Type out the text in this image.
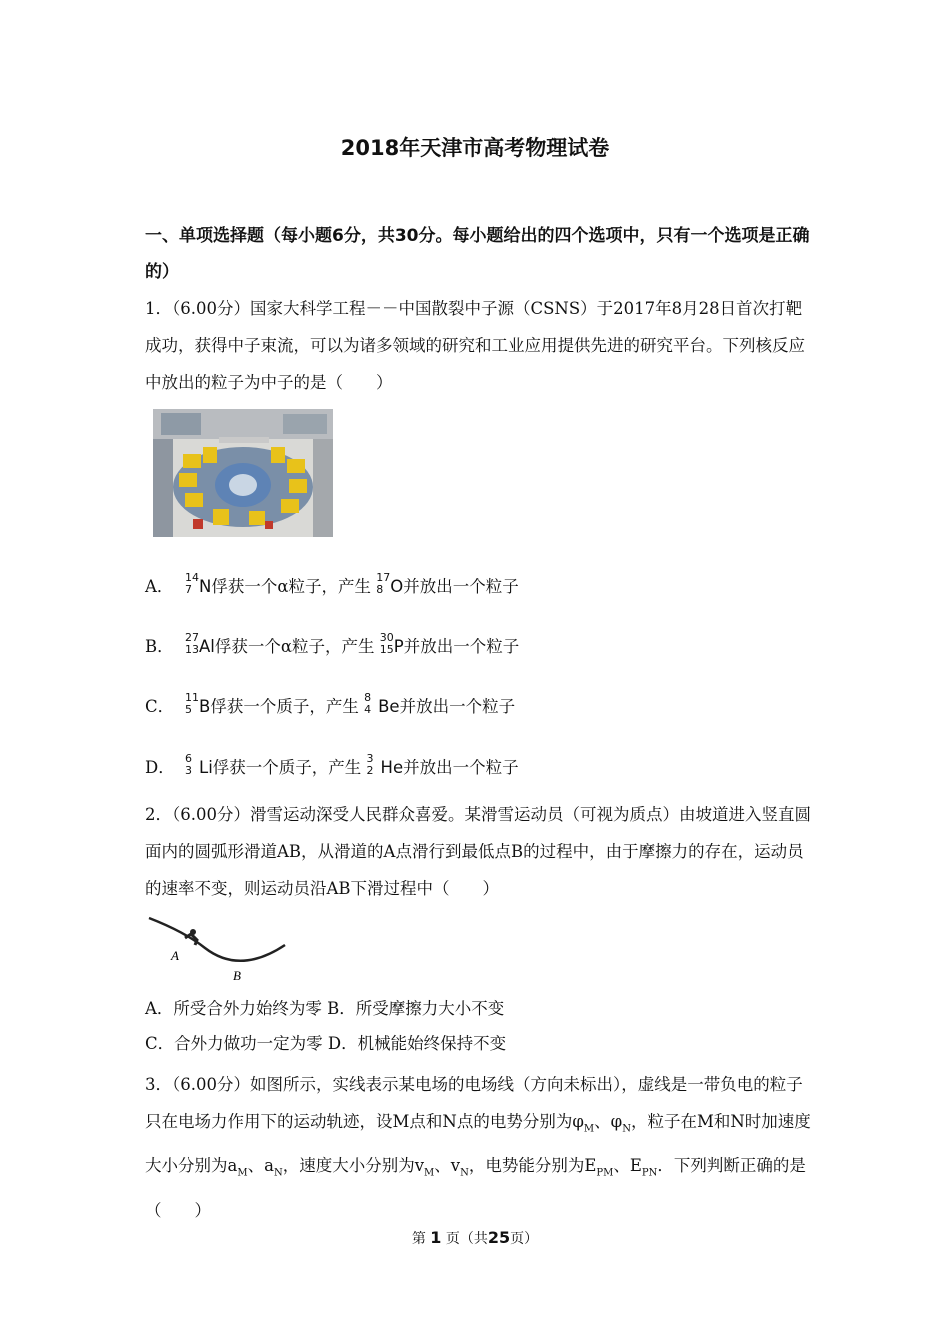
2018年天津市高考物理试卷
一、单项选择题（每小题6分，共30分。每小题给出的四个选项中，只有一个选项是正确的）
1．（6.00分）国家大科学工程－－中国散裂中子源（CSNS）于2017年8月28日首次打靶成功，获得中子束流，可以为诸多领域的研究和工业应用提供先进的研究平台。下列核反应中放出的粒子为中子的是（　　）
A． 14
7 N俘获一个α粒子，产生 17
8 O并放出一个粒子
B． 27
13 Al俘获一个α粒子，产生 30
15 P并放出一个粒子
C． 11
5 B俘获一个质子，产生 8
4 Be并放出一个粒子
D． 6
3 Li俘获一个质子，产生 3
2 He并放出一个粒子
2．（6.00分）滑雪运动深受人民群众喜爱。某滑雪运动员（可视为质点）由坡道进入竖直圆面内的圆弧形滑道AB，从滑道的A点滑行到最低点B的过程中，由于摩擦力的存在，运动员的速率不变，则运动员沿AB下滑过程中（　　）
A
B
A．所受合外力始终为零 B．所受摩擦力大小不变
C．合外力做功一定为零 D．机械能始终保持不变
3．（6.00分）如图所示，实线表示某电场的电场线（方向未标出），虚线是一带负电的粒子只在电场力作用下的运动轨迹，设M点和N点的电势分别为$\varphi_M$、$\varphi_N$，粒子在M和N时加速度大小分别为$a_M$、$a_N$，速度大小分别为$v_M$、$v_N$，电势能分别为$E_{PM}$、$E_{PN}$．下列判断正确的是（　　）
第 1 页（共25页）
